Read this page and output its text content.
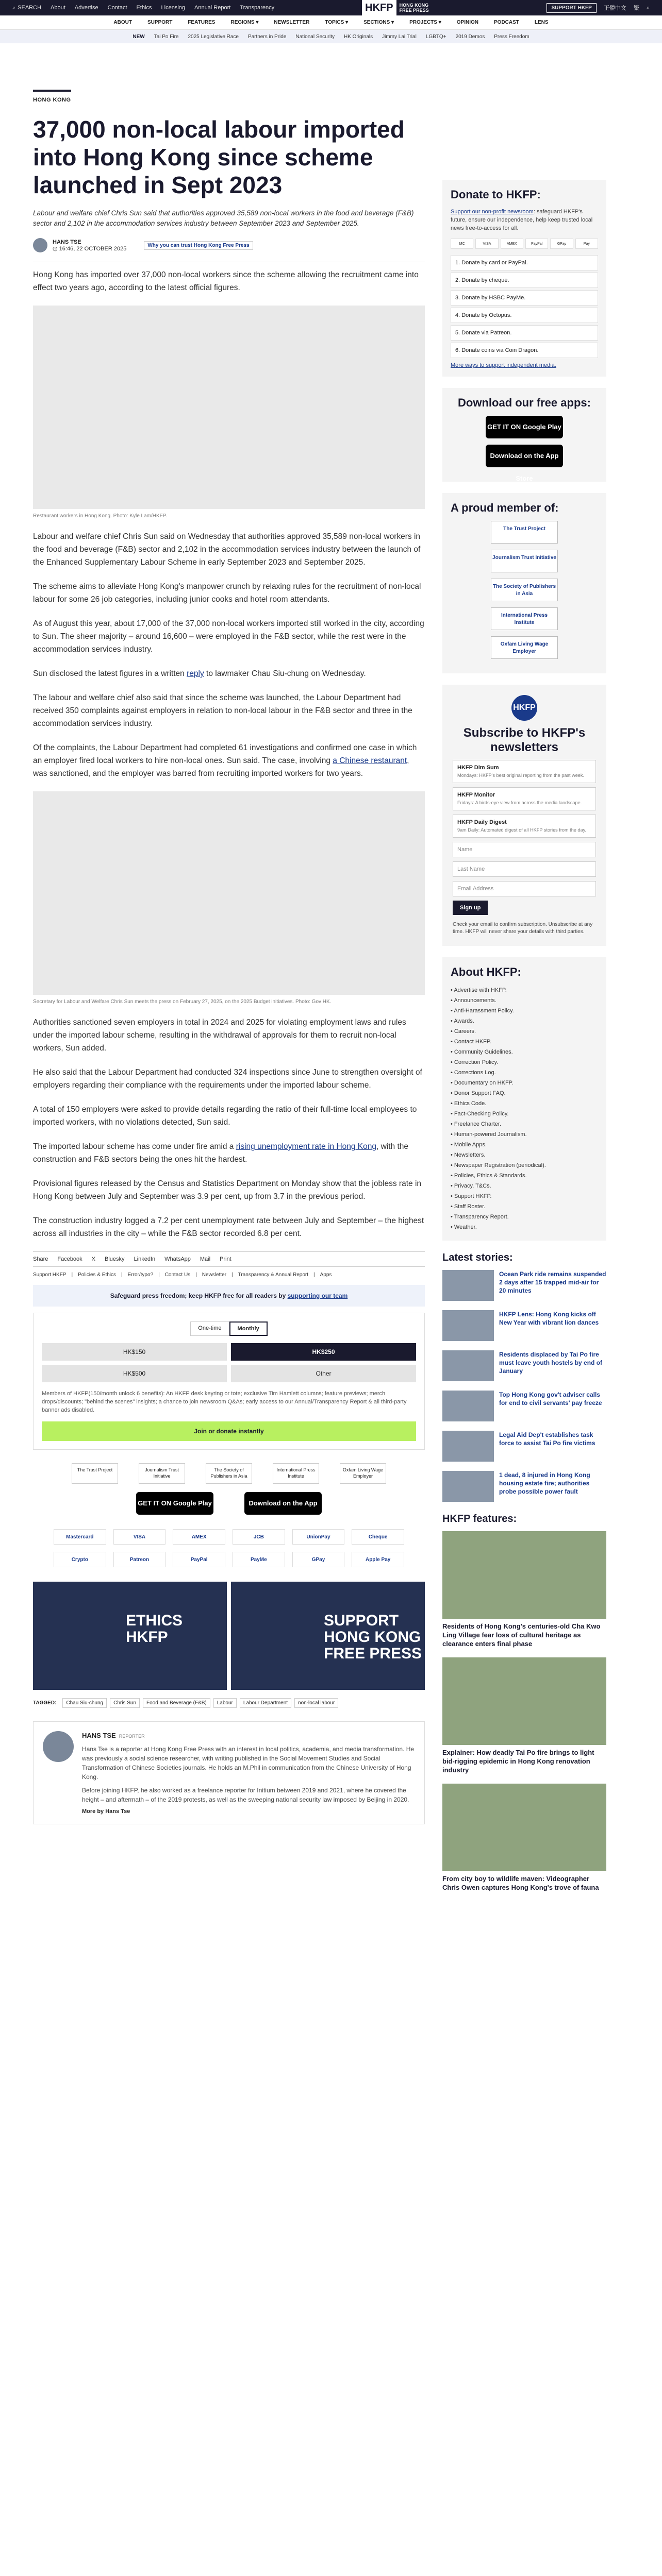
⌕ SEARCH About Advertise Contact Ethics Licensing Annual Report Transparency	HKFP	HONG KONG
FREE PRESS	SUPPORT HKFP	正體中文 繁 ⌕
ABOUT	SUPPORT	FEATURES	REGIONS ▾	NEWSLETTER	TOPICS ▾	SECTIONS ▾	PROJECTS ▾	OPINION	PODCAST	LENS
NEW Tai Po Fire 2025 Legislative Race Partners in Pride National Security HK Originals Jimmy Lai Trial LGBTQ+ 2019 Demos Press Freedom
HONG KONG
37,000 non-local labour imported into Hong Kong since scheme launched in Sept 2023
Labour and welfare chief Chris Sun said that authorities approved 35,589 non-local workers in the food and beverage (F&B) sector and 2,102 in the accommodation services industry between September 2023 and September 2025.
HANS TSE
◷ 16:46, 22 OCTOBER 2025
Why you can trust Hong Kong Free Press

Hong Kong has imported over 37,000 non-local workers since the scheme allowing the recruitment came into effect two years ago, according to the latest official figures.

Restaurant workers in Hong Kong. Photo: Kyle Lam/HKFP.

Labour and welfare chief Chris Sun said on Wednesday that authorities approved 35,589 non-local workers in the food and beverage (F&B) sector and 2,102 in the accommodation services industry between the launch of the Enhanced Supplementary Labour Scheme in early September 2023 and September 2025.

The scheme aims to alleviate Hong Kong's manpower crunch by relaxing rules for the recruitment of non-local labour for some 26 job categories, including junior cooks and hotel room attendants.

As of August this year, about 17,000 of the 37,000 non-local workers imported still worked in the city, according to Sun. The sheer majority – around 16,600 – were employed in the F&B sector, while the rest were in the accommodation services industry.

Sun disclosed the latest figures in a written reply to lawmaker Chau Siu-chung on Wednesday.

The labour and welfare chief also said that since the scheme was launched, the Labour Department had received 350 complaints against employers in relation to non-local labour in the F&B sector and three in the accommodation services industry.

Of the complaints, the Labour Department had completed 61 investigations and confirmed one case in which an employer fired local workers to hire non-local ones. Sun said. The case, involving a Chinese restaurant, was sanctioned, and the employer was barred from recruiting imported workers for two years.

Secretary for Labour and Welfare Chris Sun meets the press on February 27, 2025, on the 2025 Budget initiatives. Photo: Gov HK.

Authorities sanctioned seven employers in total in 2024 and 2025 for violating employment laws and rules under the imported labour scheme, resulting in the withdrawal of approvals for them to recruit non-local workers, Sun added.

He also said that the Labour Department had conducted 324 inspections since June to strengthen oversight of employers regarding their compliance with the requirements under the imported labour scheme.

A total of 150 employers were asked to provide details regarding the ratio of their full-time local employees to imported workers, with no violations detected, Sun said.

The imported labour scheme has come under fire amid a rising unemployment rate in Hong Kong, with the construction and F&B sectors being the ones hit the hardest.

Provisional figures released by the Census and Statistics Department on Monday show that the jobless rate in Hong Kong between July and September was 3.9 per cent, up from 3.7 in the previous period.

The construction industry logged a 7.2 per cent unemployment rate between July and September – the highest across all industries in the city – while the F&B sector recorded 6.8 per cent.

Share Facebook X Bluesky LinkedIn WhatsApp Mail Print
Support HKFP | Policies & Ethics | Error/typo? | Contact Us | Newsletter | Transparency & Annual Report | Apps
Safeguard press freedom; keep HKFP free for all readers by supporting our team
One-time	Monthly
HK$150	HK$250
HK$500	Other
Members of HKFP(150/month unlock 6 benefits): An HKFP desk keyring or tote; exclusive Tim Hamlett columns; feature previews; merch drops/discounts; "behind the scenes" insights; a chance to join newsroom Q&As; early access to our Annual/Transparency Report & all third-party banner ads disabled.
Join or donate instantly
The Trust Project	Journalism Trust Initiative
The Society of Publishers in Asia
International Press Institute
Oxfam Living Wage Employer
GET IT ON Google Play	Download on the App Store
Mastercard	VISA	AMEX	JCB	UnionPay	Cheque
Crypto	Patreon	PayPal	PayMe	GPay	Apple Pay
ETHICS HKFP
SUPPORT HONG KONG FREE PRESS
TAGGED:	Chau Siu-chung	Chris Sun	Food and Beverage (F&B)	Labour	Labour Department	non-local labour
HANS TSE REPORTER

Hans Tse is a reporter at Hong Kong Free Press with an interest in local politics, academia, and media transformation. He was previously a social science researcher, with writing published in the Social Movement Studies and Social Transformation of Chinese Societies journals. He holds an M.Phil in communication from the Chinese University of Hong Kong.

Before joining HKFP, he also worked as a freelance reporter for Initium between 2019 and 2021, where he covered the height – and aftermath – of the 2019 protests, as well as the sweeping national security law imposed by Beijing in 2020.

More by Hans Tse
Donate to HKFP:
Support our non-profit newsroom: safeguard HKFP's future, ensure our independence, help keep trusted local news free-to-access for all.
MC	VISA	AMEX	PayPal	GPay	Pay
1. Donate by card or PayPal.
2. Donate by cheque.
3. Donate by HSBC PayMe.
4. Donate by Octopus.
5. Donate via Patreon.
6. Donate coins via Coin Dragon.
More ways to support independent media.
Download our free apps:
GET IT ON Google Play
Download on the App Store
A proud member of:
The Trust Project
Journalism Trust Initiative
The Society of Publishers in Asia
International Press Institute
Oxfam Living Wage Employer
HKFP
Subscribe to HKFP's newsletters
HKFP Dim Sum
Mondays: HKFP's best original reporting from the past week.
HKFP Monitor
Fridays: A birds-eye view from across the media landscape.
HKFP Daily Digest
9am Daily: Automated digest of all HKFP stories from the day.
Name
Last Name
Email Address
Sign up
Check your email to confirm subscription. Unsubscribe at any time. HKFP will never share your details with third parties.
About HKFP:
• Advertise with HKFP.
• Announcements.
• Anti-Harassment Policy.
• Awards.
• Careers.
• Contact HKFP.
• Community Guidelines.
• Correction Policy.
• Corrections Log.
• Documentary on HKFP.
• Donor Support FAQ.
• Ethics Code.
• Fact-Checking Policy.
• Freelance Charter.
• Human-powered Journalism.
• Mobile Apps.
• Newsletters.
• Newspaper Registration (periodical).
• Policies, Ethics & Standards.
• Privacy, T&Cs.
• Support HKFP.
• Staff Roster.
• Transparency Report.
• Weather.
Latest stories:
Ocean Park ride remains suspended 2 days after 15 trapped mid-air for 20 minutes
HKFP Lens: Hong Kong kicks off New Year with vibrant lion dances
Residents displaced by Tai Po fire must leave youth hostels by end of January
Top Hong Kong gov't adviser calls for end to civil servants' pay freeze
Legal Aid Dep't establishes task force to assist Tai Po fire victims
1 dead, 8 injured in Hong Kong housing estate fire; authorities probe possible power fault
HKFP features:
Residents of Hong Kong's centuries-old Cha Kwo Ling Village fear loss of cultural heritage as clearance enters final phase
Explainer: How deadly Tai Po fire brings to light bid-rigging epidemic in Hong Kong renovation industry
From city boy to wildlife maven: Videographer Chris Owen captures Hong Kong's trove of fauna
